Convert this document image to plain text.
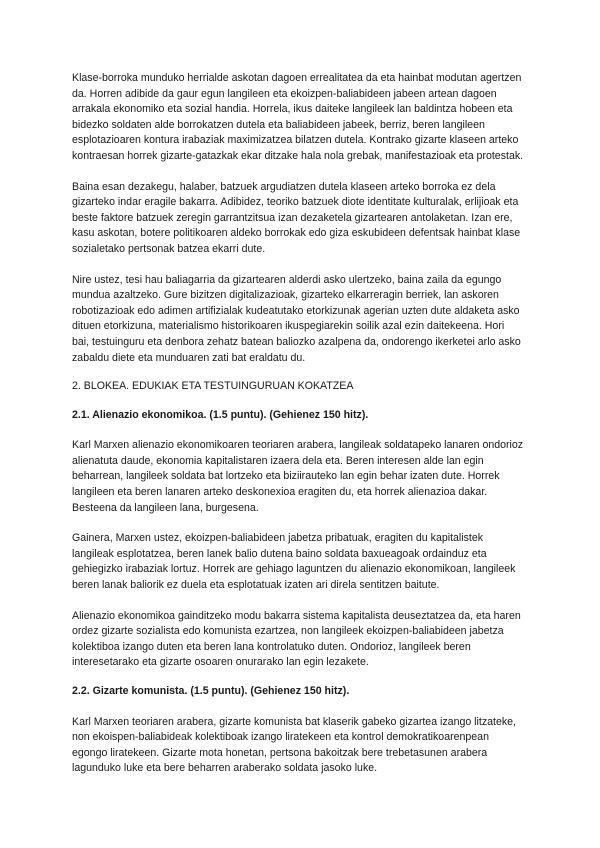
Klase-borroka munduko herrialde askotan dagoen errealitatea da eta hainbat modutan agertzen da. Horren adibide da gaur egun langileen eta ekoizpen-baliabideen jabeen artean dagoen arrakala ekonomiko eta sozial handia. Horrela, ikus daiteke langileek lan baldintza hobeen eta bidezko soldaten alde borrokatzen dutela eta baliabideen jabeek, berriz, beren langileen esplotazioaren kontura irabaziak maximizatzea bilatzen dutela. Kontrako gizarte klaseen arteko kontraesan horrek gizarte-gatazkak ekar ditzake hala nola grebak, manifestazioak eta protestak.

Baina esan dezakegu, halaber, batzuek argudiatzen dutela klaseen arteko borroka ez dela gizarteko indar eragile bakarra. Adibidez, teoriko batzuek diote identitate kulturalak, erlijioak eta beste faktore batzuek zeregin garrantzitsua izan dezaketela gizartearen antolaketan. Izan ere, kasu askotan, botere politikoaren aldeko borrokak edo giza eskubideen defentsak hainbat klase sozialetako pertsonak batzea ekarri dute.

Nire ustez, tesi hau baliagarria da gizartearen alderdi asko ulertzeko, baina zaila da egungo mundua azaltzeko. Gure bizitzen digitalizazioak, gizarteko elkarreragin berriek, lan askoren robotizazioak edo adimen artifizialak kudeatutako etorkizunak agerian uzten dute aldaketa asko dituen etorkizuna, materialismo historikoaren ikuspegiarekin soilik azal ezin daitekeena. Hori bai, testuinguru eta denbora zehatz batean baliozko azalpena da, ondorengo ikerketei arlo asko zabaldu diete eta munduaren zati bat eraldatu du.

2. BLOKEA. EDUKIAK ETA TESTUINGURUAN KOKATZEA

2.1. Alienazio ekonomikoa. (1.5 puntu). (Gehienez 150 hitz).

Karl Marxen alienazio ekonomikoaren teoriaren arabera, langileak soldatapeko lanaren ondorioz alienatuta daude, ekonomia kapitalistaren izaera dela eta. Beren interesen alde lan egin beharrean, langileek soldata bat lortzeko eta biziirauteko lan egin behar izaten dute. Horrek langileen eta beren lanaren arteko deskonexioa eragiten du, eta horrek alienazioa dakar. Besteena da langileen lana, burgesena.

Gainera, Marxen ustez, ekoizpen-baliabideen jabetza pribatuak, eragiten du kapitalistek langileak esplotatzea, beren lanek balio dutena baino soldata baxueagoak ordainduz eta gehiegizko irabaziak lortuz. Horrek are gehiago laguntzen du alienazio ekonomikoan, langileek beren lanak baliorik ez duela eta esplotatuak izaten ari direla sentitzen baitute.

Alienazio ekonomikoa gainditzeko modu bakarra sistema kapitalista deuseztatzea da, eta haren ordez gizarte sozialista edo komunista ezartzea, non langileek ekoizpen-baliabideen jabetza kolektiboa izango duten eta beren lana kontrolatuko duten. Ondorioz, langileek beren interesetarako eta gizarte osoaren onurarako lan egin lezakete.

2.2. Gizarte komunista. (1.5 puntu). (Gehienez 150 hitz).

Karl Marxen teoriaren arabera, gizarte komunista bat klaserik gabeko gizartea izango litzateke, non ekoispen-baliabideak kolektiboak izango liratekeen eta kontrol demokratikoarenpean egongo liratekeen. Gizarte mota honetan, pertsona bakoitzak bere trebetasunen arabera lagunduko luke eta bere beharren araberako soldata jasoko luke.
